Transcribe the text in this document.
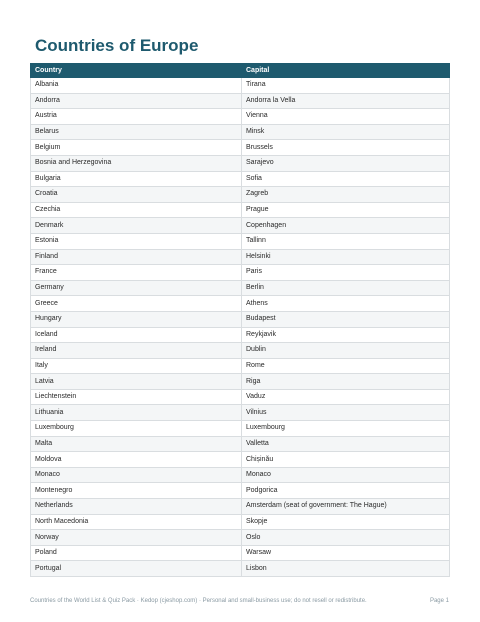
Countries of Europe
Country	Capital
Albania	Tirana
Andorra	Andorra la Vella
Austria	Vienna
Belarus	Minsk
Belgium	Brussels
Bosnia and Herzegovina	Sarajevo
Bulgaria	Sofia
Croatia	Zagreb
Czechia	Prague
Denmark	Copenhagen
Estonia	Tallinn
Finland	Helsinki
France	Paris
Germany	Berlin
Greece	Athens
Hungary	Budapest
Iceland	Reykjavik
Ireland	Dublin
Italy	Rome
Latvia	Riga
Liechtenstein	Vaduz
Lithuania	Vilnius
Luxembourg	Luxembourg
Malta	Valletta
Moldova	Chișinău
Monaco	Monaco
Montenegro	Podgorica
Netherlands	Amsterdam (seat of government: The Hague)
North Macedonia	Skopje
Norway	Oslo
Poland	Warsaw
Portugal	Lisbon
Countries of the World List & Quiz Pack · Kedop (cjeshop.com) · Personal and small-business use; do not resell or redistribute.	Page 1
